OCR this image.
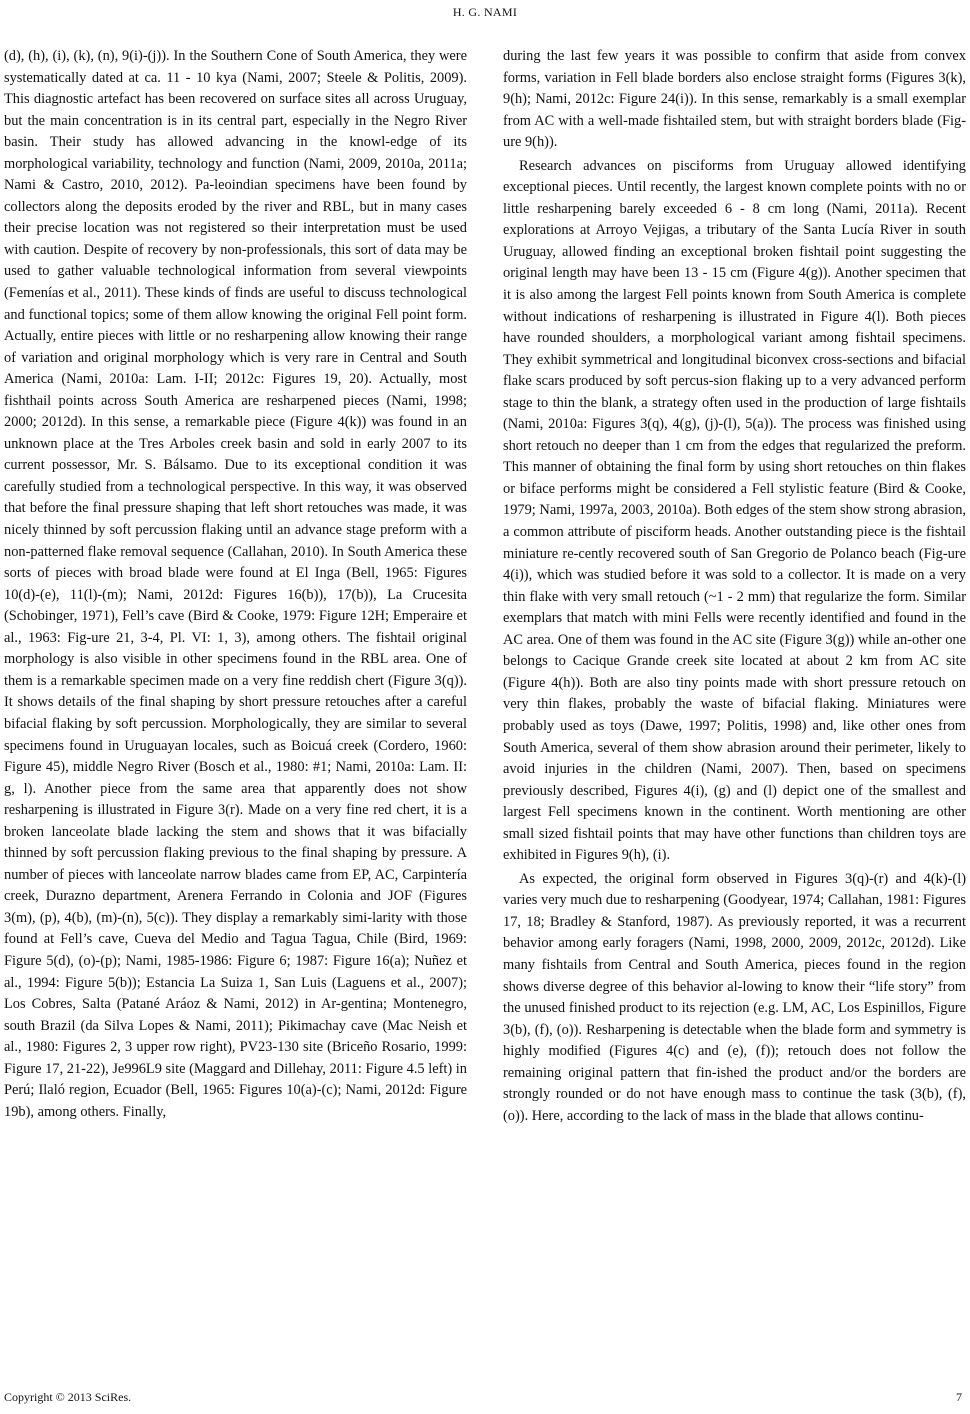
H. G. NAMI

(d), (h), (i), (k), (n), 9(i)-(j)). In the Southern Cone of South America, they were systematically dated at ca. 11 - 10 kya (Nami, 2007; Steele & Politis, 2009). This diagnostic artefact has been recovered on surface sites all across Uruguay, but the main concentration is in its central part, especially in the Negro River basin. Their study has allowed advancing in the knowl-edge of its morphological variability, technology and function (Nami, 2009, 2010a, 2011a; Nami & Castro, 2010, 2012). Pa-leoindian specimens have been found by collectors along the deposits eroded by the river and RBL, but in many cases their precise location was not registered so their interpretation must be used with caution. Despite of recovery by non-professionals, this sort of data may be used to gather valuable technological information from several viewpoints (Femenías et al., 2011). These kinds of finds are useful to discuss technological and functional topics; some of them allow knowing the original Fell point form. Actually, entire pieces with little or no resharpening allow knowing their range of variation and original morphology which is very rare in Central and South America (Nami, 2010a: Lam. I-II; 2012c: Figures 19, 20). Actually, most fishthail points across South America are resharpened pieces (Nami, 1998; 2000; 2012d). In this sense, a remarkable piece (Figure 4(k)) was found in an unknown place at the Tres Arboles creek basin and sold in early 2007 to its current possessor, Mr. S. Bálsamo. Due to its exceptional condition it was carefully studied from a technological perspective. In this way, it was observed that before the final pressure shaping that left short retouches was made, it was nicely thinned by soft percussion flaking until an advance stage preform with a non-patterned flake removal sequence (Callahan, 2010). In South America these sorts of pieces with broad blade were found at El Inga (Bell, 1965: Figures 10(d)-(e), 11(l)-(m); Nami, 2012d: Figures 16(b)), 17(b)), La Crucesita (Schobinger, 1971), Fell’s cave (Bird & Cooke, 1979: Figure 12H; Emperaire et al., 1963: Fig-ure 21, 3-4, Pl. VI: 1, 3), among others. The fishtail original morphology is also visible in other specimens found in the RBL area. One of them is a remarkable specimen made on a very fine reddish chert (Figure 3(q)). It shows details of the final shaping by short pressure retouches after a careful bifacial flaking by soft percussion. Morphologically, they are similar to several specimens found in Uruguayan locales, such as Boicuá creek (Cordero, 1960: Figure 45), middle Negro River (Bosch et al., 1980: #1; Nami, 2010a: Lam. II: g, l). Another piece from the same area that apparently does not show resharpening is illustrated in Figure 3(r). Made on a very fine red chert, it is a broken lanceolate blade lacking the stem and shows that it was bifacially thinned by soft percussion flaking previous to the final shaping by pressure. A number of pieces with lanceolate narrow blades came from EP, AC, Carpintería creek, Durazno department, Arenera Ferrando in Colonia and JOF (Figures 3(m), (p), 4(b), (m)-(n), 5(c)). They display a remarkably simi-larity with those found at Fell’s cave, Cueva del Medio and Tagua Tagua, Chile (Bird, 1969: Figure 5(d), (o)-(p); Nami, 1985-1986: Figure 6; 1987: Figure 16(a); Nuñez et al., 1994: Figure 5(b)); Estancia La Suiza 1, San Luis (Laguens et al., 2007); Los Cobres, Salta (Patané Aráoz & Nami, 2012) in Ar-gentina; Montenegro, south Brazil (da Silva Lopes & Nami, 2011); Pikimachay cave (Mac Neish et al., 1980: Figures 2, 3 upper row right), PV23-130 site (Briceño Rosario, 1999: Figure 17, 21-22), Je996L9 site (Maggard and Dillehay, 2011: Figure 4.5 left) in Perú; Ilaló region, Ecuador (Bell, 1965: Figures 10(a)-(c); Nami, 2012d: Figure 19b), among others. Finally,

during the last few years it was possible to confirm that aside from convex forms, variation in Fell blade borders also enclose straight forms (Figures 3(k), 9(h); Nami, 2012c: Figure 24(i)). In this sense, remarkably is a small exemplar from AC with a well-made fishtailed stem, but with straight borders blade (Fig-ure 9(h)).

Research advances on pisciforms from Uruguay allowed identifying exceptional pieces. Until recently, the largest known complete points with no or little resharpening barely exceeded 6 - 8 cm long (Nami, 2011a). Recent explorations at Arroyo Vejigas, a tributary of the Santa Lucía River in south Uruguay, allowed finding an exceptional broken fishtail point suggesting the original length may have been 13 - 15 cm (Figure 4(g)). Another specimen that it is also among the largest Fell points known from South America is complete without indications of resharpening is illustrated in Figure 4(l). Both pieces have rounded shoulders, a morphological variant among fishtail specimens. They exhibit symmetrical and longitudinal biconvex cross-sections and bifacial flake scars produced by soft percus-sion flaking up to a very advanced perform stage to thin the blank, a strategy often used in the production of large fishtails (Nami, 2010a: Figures 3(q), 4(g), (j)-(l), 5(a)). The process was finished using short retouch no deeper than 1 cm from the edges that regularized the preform. This manner of obtaining the final form by using short retouches on thin flakes or biface performs might be considered a Fell stylistic feature (Bird & Cooke, 1979; Nami, 1997a, 2003, 2010a). Both edges of the stem show strong abrasion, a common attribute of pisciform heads. Another outstanding piece is the fishtail miniature re-cently recovered south of San Gregorio de Polanco beach (Fig-ure 4(i)), which was studied before it was sold to a collector. It is made on a very thin flake with very small retouch (~1 - 2 mm) that regularize the form. Similar exemplars that match with mini Fells were recently identified and found in the AC area. One of them was found in the AC site (Figure 3(g)) while an-other one belongs to Cacique Grande creek site located at about 2 km from AC site (Figure 4(h)). Both are also tiny points made with short pressure retouch on very thin flakes, probably the waste of bifacial flaking. Miniatures were probably used as toys (Dawe, 1997; Politis, 1998) and, like other ones from South America, several of them show abrasion around their perimeter, likely to avoid injuries in the children (Nami, 2007). Then, based on specimens previously described, Figures 4(i), (g) and (l) depict one of the smallest and largest Fell specimens known in the continent. Worth mentioning are other small sized fishtail points that may have other functions than children toys are exhibited in Figures 9(h), (i).

As expected, the original form observed in Figures 3(q)-(r) and 4(k)-(l) varies very much due to resharpening (Goodyear, 1974; Callahan, 1981: Figures 17, 18; Bradley & Stanford, 1987). As previously reported, it was a recurrent behavior among early foragers (Nami, 1998, 2000, 2009, 2012c, 2012d). Like many fishtails from Central and South America, pieces found in the region shows diverse degree of this behavior al-lowing to know their “life story” from the unused finished product to its rejection (e.g. LM, AC, Los Espinillos, Figure 3(b), (f), (o)). Resharpening is detectable when the blade form and symmetry is highly modified (Figures 4(c) and (e), (f)); retouch does not follow the remaining original pattern that fin-ished the product and/or the borders are strongly rounded or do not have enough mass to continue the task (3(b), (f), (o)). Here, according to the lack of mass in the blade that allows continu-

Copyright © 2013 SciRes.	7
